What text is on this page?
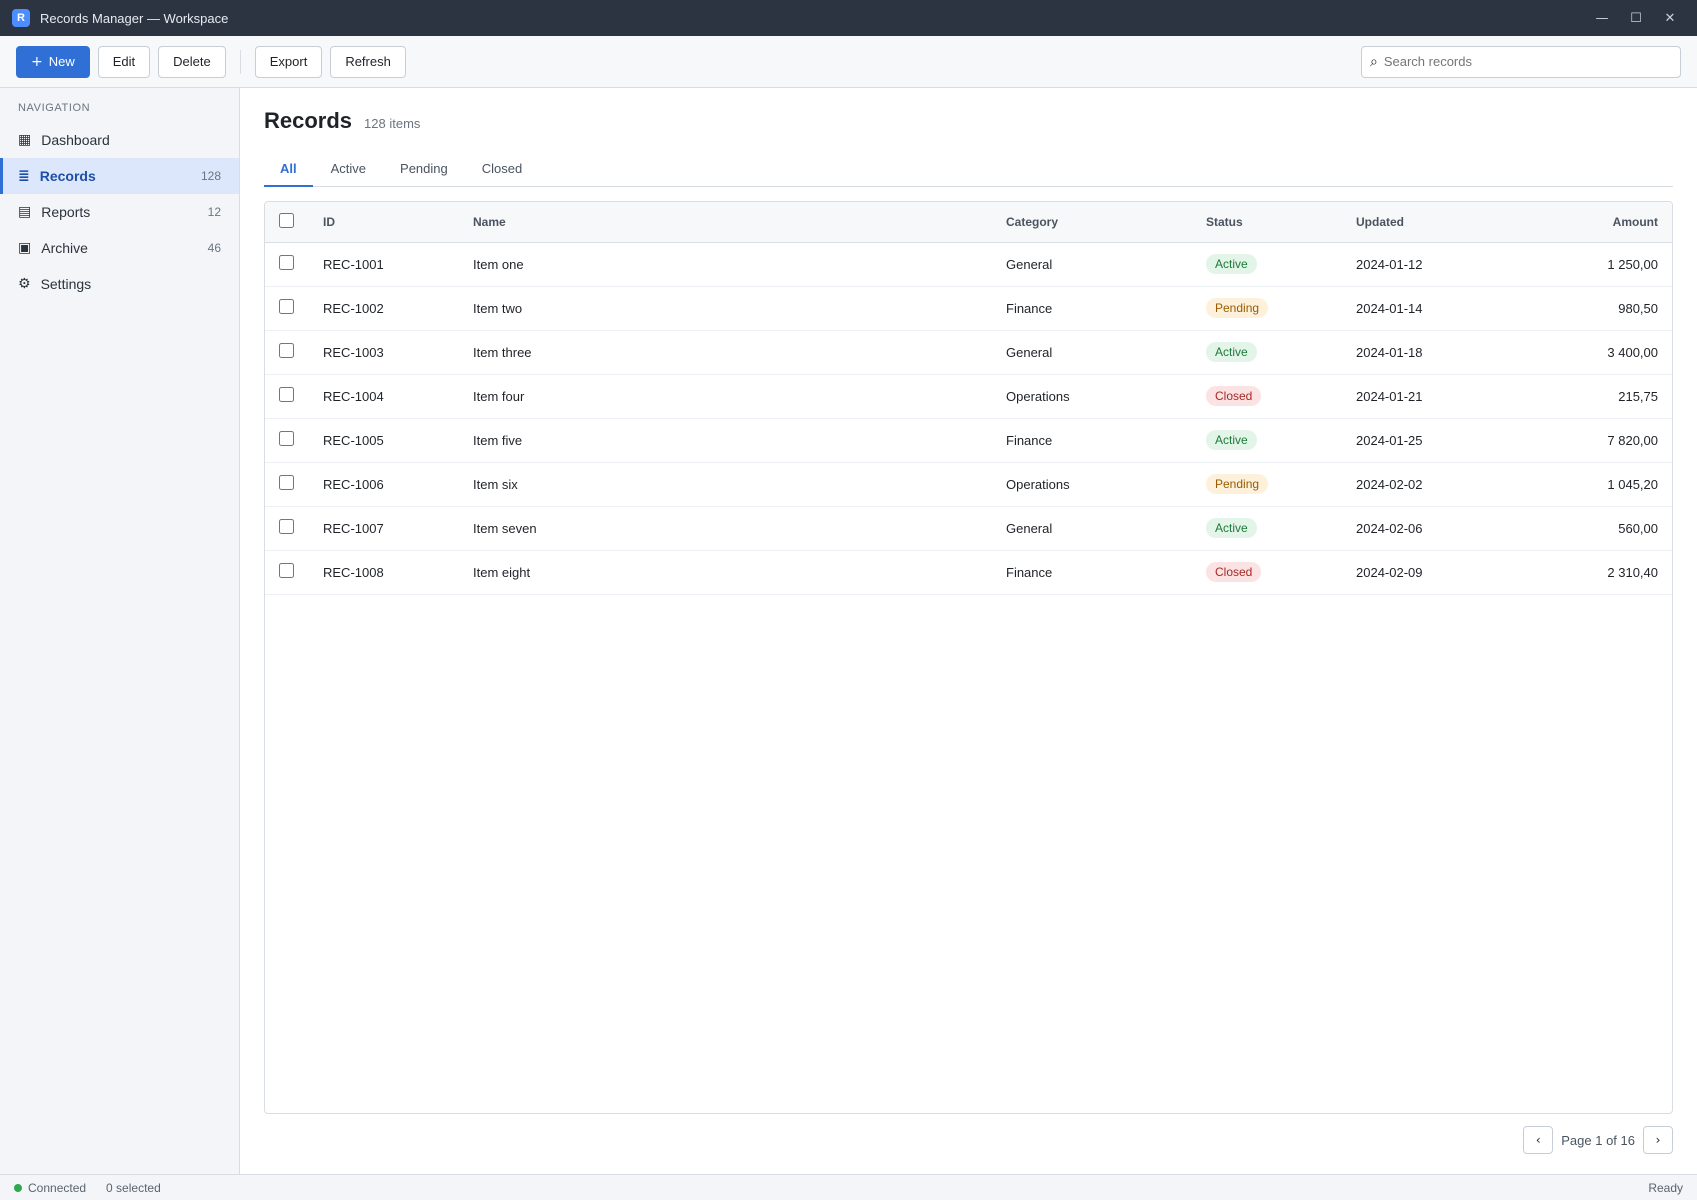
R	Records Manager — Workspace	—	☐	✕
+ New	Edit	Delete	Export	Refresh	⌕
Search records
NAVIGATION
▦ Dashboard
≣ Records	128
▤ Reports	12
▣ Archive	46
⚙ Settings
Records 128 items
All	Active	Pending	Closed
	ID	Name	Category	Status	Updated	Amount
	REC-1001	Item one	General	Active	2024-01-12	1 250,00
	REC-1002	Item two	Finance	Pending	2024-01-14	980,50
	REC-1003	Item three	General	Active	2024-01-18	3 400,00
	REC-1004	Item four	Operations	Closed	2024-01-21	215,75
	REC-1005	Item five	Finance	Active	2024-01-25	7 820,00
	REC-1006	Item six	Operations	Pending	2024-02-02	1 045,20
	REC-1007	Item seven	General	Active	2024-02-06	560,00
	REC-1008	Item eight	Finance	Closed	2024-02-09	2 310,40
‹	Page 1 of 16	›
Connected 0 selected	Ready
